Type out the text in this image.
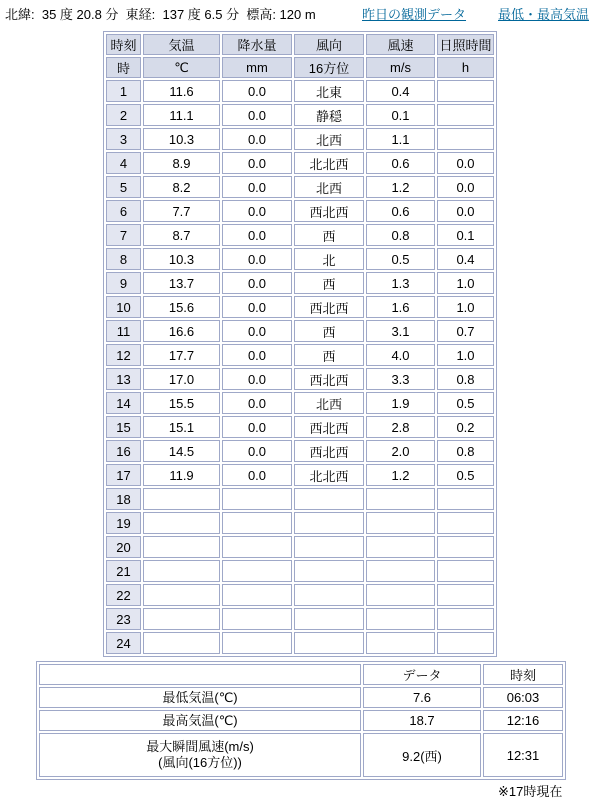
北緯:  35 度 20.8 分  東経:  137 度 6.5 分  標高: 120 m	昨日の観測データ 最低・最高気温
時刻	気温	降水量	風向	風速	日照時間
時	℃	mm	16方位	m/s	h
1	11.6	0.0	北東	0.4	
2	11.1	0.0	静穏	0.1	
3	10.3	0.0	北西	1.1	
4	8.9	0.0	北北西	0.6	0.0
5	8.2	0.0	北西	1.2	0.0
6	7.7	0.0	西北西	0.6	0.0
7	8.7	0.0	西	0.8	0.1
8	10.3	0.0	北	0.5	0.4
9	13.7	0.0	西	1.3	1.0
10	15.6	0.0	西北西	1.6	1.0
11	16.6	0.0	西	3.1	0.7
12	17.7	0.0	西	4.0	1.0
13	17.0	0.0	西北西	3.3	0.8
14	15.5	0.0	北西	1.9	0.5
15	15.1	0.0	西北西	2.8	0.2
16	14.5	0.0	西北西	2.0	0.8
17	11.9	0.0	北北西	1.2	0.5
18					
19					
20					
21					
22					
23					
24					
	データ	時刻

最低気温(℃)	7.6	06:03

最高気温(℃)	18.7	12:16

最大瞬間風速(m/s)
(風向(16方位))	9.2(西)	12:31
※17時現在
